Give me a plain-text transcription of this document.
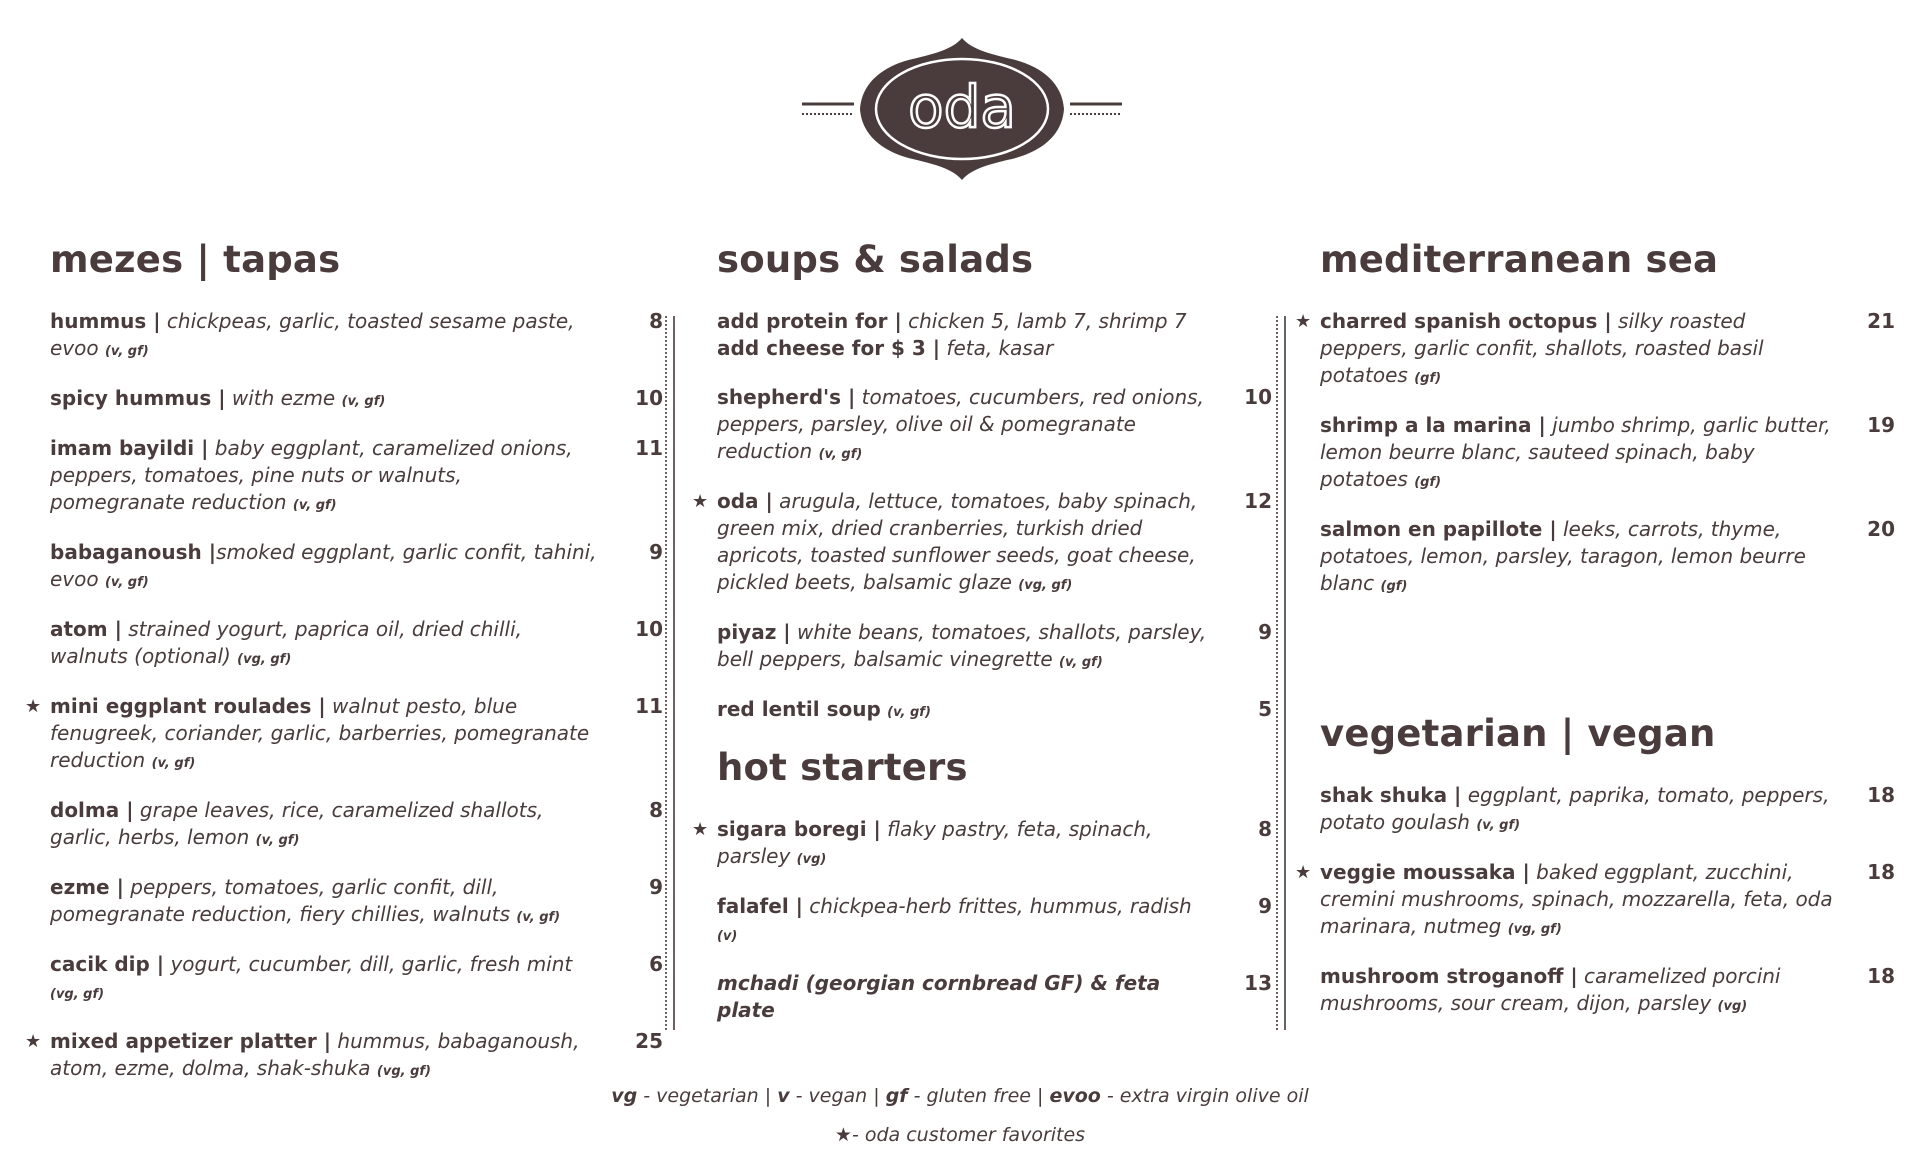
oda
mezes | tapas
hummus | chickpeas, garlic, toasted sesame paste, evoo (v, gf)
8
spicy hummus | with ezme (v, gf)	10
imam bayildi | baby eggplant, caramelized onions, peppers, tomatoes, pine nuts or walnuts, pomegranate reduction (v, gf)
11
babaganoush |smoked eggplant, garlic confit, tahini, evoo (v, gf)
9
atom | strained yogurt, paprica oil, dried chilli, walnuts (optional) (vg, gf)
10
★ mini eggplant roulades | walnut pesto, blue fenugreek, coriander, garlic, barberries, pomegranate reduction (v, gf)
11
dolma | grape leaves, rice, caramelized shallots, garlic, herbs, lemon (v, gf)
8
ezme | peppers, tomatoes, garlic confit, dill, pomegranate reduction, fiery chillies, walnuts (v, gf)
9
cacik dip | yogurt, cucumber, dill, garlic, fresh mint (vg, gf)
6
★ mixed appetizer platter | hummus, babaganoush, atom, ezme, dolma, shak-shuka (vg, gf)
25
soups & salads
add protein for | chicken 5, lamb 7, shrimp 7
add cheese for $ 3 | feta, kasar
shepherd's | tomatoes, cucumbers, red onions, peppers, parsley, olive oil & pomegranate reduction (v, gf)
10
★ oda | arugula, lettuce, tomatoes, baby spinach, green mix, dried cranberries, turkish dried apricots, toasted sunflower seeds, goat cheese, pickled beets, balsamic glaze (vg, gf)
12
piyaz | white beans, tomatoes, shallots, parsley, bell peppers, balsamic vinegrette (v, gf)
9
red lentil soup (v, gf)	5
hot starters
★ sigara boregi | flaky pastry, feta, spinach, parsley (vg)
8
falafel | chickpea-herb frittes, hummus, radish (v)
9
mchadi (georgian cornbread GF) & feta plate
13
mediterranean sea
★ charred spanish octopus | silky roasted peppers, garlic confit, shallots, roasted basil potatoes (gf)
21
shrimp a la marina | jumbo shrimp, garlic butter, lemon beurre blanc, sauteed spinach, baby potatoes (gf)
19
salmon en papillote | leeks, carrots, thyme, potatoes, lemon, parsley, taragon, lemon beurre blanc (gf)
20
vegetarian | vegan
shak shuka | eggplant, paprika, tomato, peppers, potato goulash (v, gf)
18
★ veggie moussaka | baked eggplant, zucchini, cremini mushrooms, spinach, mozzarella, feta, oda marinara, nutmeg (vg, gf)
18
mushroom stroganoff | caramelized porcini mushrooms, sour cream, dijon, parsley (vg)
18
vg - vegetarian | v - vegan | gf - gluten free | evoo - extra virgin olive oil
★- oda customer favorites
